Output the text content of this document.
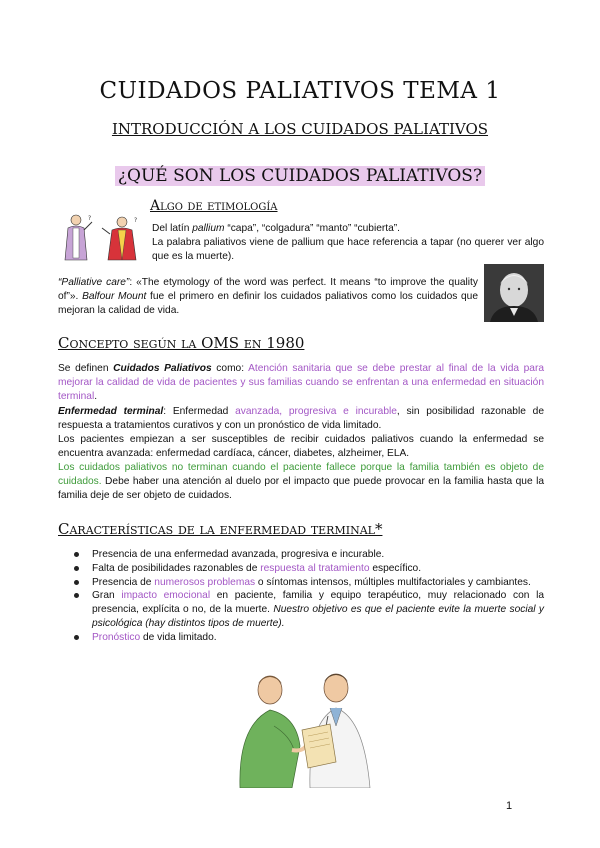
CUIDADOS PALIATIVOS TEMA 1
INTRODUCCIÓN A LOS CUIDADOS PALIATIVOS
¿QUÉ SON LOS CUIDADOS PALIATIVOS?
?	?
Algo de etimología
Del latín pallium “capa”, “colgadura” “manto” “cubierta”.
La palabra paliativos viene de pallium que hace referencia a tapar (no querer ver algo que es la muerte).
“Palliative care”: «The etymology of the word was perfect. It means “to improve the quality of”». Balfour Mount fue el primero en definir los cuidados paliativos como los cuidados que mejoran la calidad de vida.
Concepto según la OMS en 1980
Se definen Cuidados Paliativos como: Atención sanitaria que se debe prestar al final de la vida para mejorar la calidad de vida de pacientes y sus familias cuando se enfrentan a una enfermedad en situación terminal.
Enfermedad terminal: Enfermedad avanzada, progresiva e incurable, sin posibilidad razonable de respuesta a tratamientos curativos y con un pronóstico de vida limitado.
Los pacientes empiezan a ser susceptibles de recibir cuidados paliativos cuando la enfermedad se encuentra avanzada: enfermedad cardíaca, cáncer, diabetes, alzheimer, ELA.
Los cuidados paliativos no terminan cuando el paciente fallece porque la familia también es objeto de cuidados. Debe haber una atención al duelo por el impacto que puede provocar en la familia hasta que la familia deje de ser objeto de cuidados.
Características de la enfermedad terminal*
Presencia de una enfermedad avanzada, progresiva e incurable.
Falta de posibilidades razonables de respuesta al tratamiento específico.
Presencia de numerosos problemas o síntomas intensos, múltiples multifactoriales y cambiantes.
Gran impacto emocional en paciente, familia y equipo terapéutico, muy relacionado con la presencia, explícita o no, de la muerte. Nuestro objetivo es que el paciente evite la muerte social y psicológica (hay distintos tipos de muerte).
Pronóstico de vida limitado.
1
